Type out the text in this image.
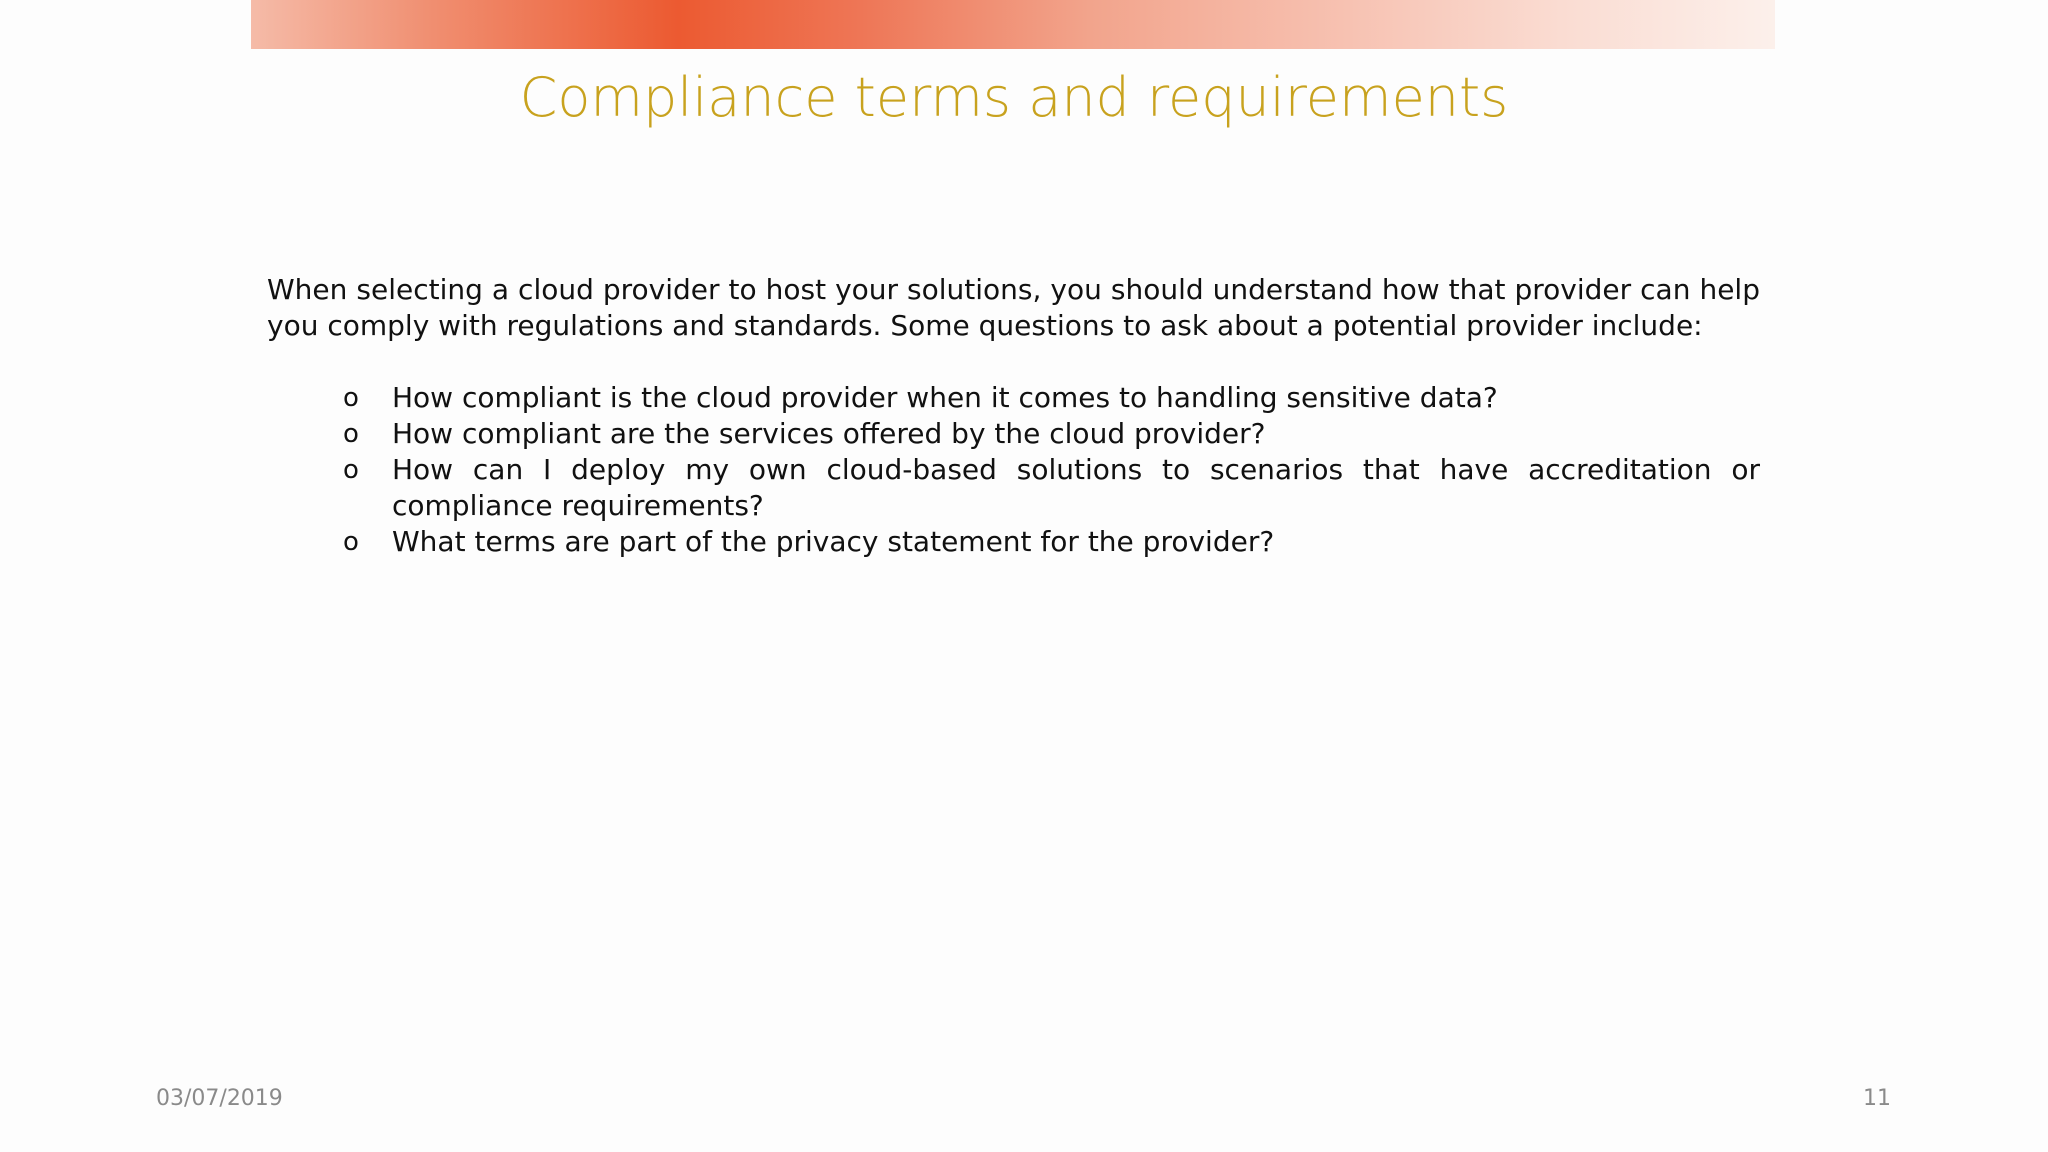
Compliance terms and requirements
When selecting a cloud provider to host your solutions, you should understand how that provider can help you comply with regulations and standards. Some questions to ask about a potential provider include:
o How compliant is the cloud provider when it comes to handling sensitive data?
o How compliant are the services offered by the cloud provider?
o How can I deploy my own cloud-based solutions to scenarios that have accreditation or compliance requirements?
o What terms are part of the privacy statement for the provider?
03/07/2019	11
